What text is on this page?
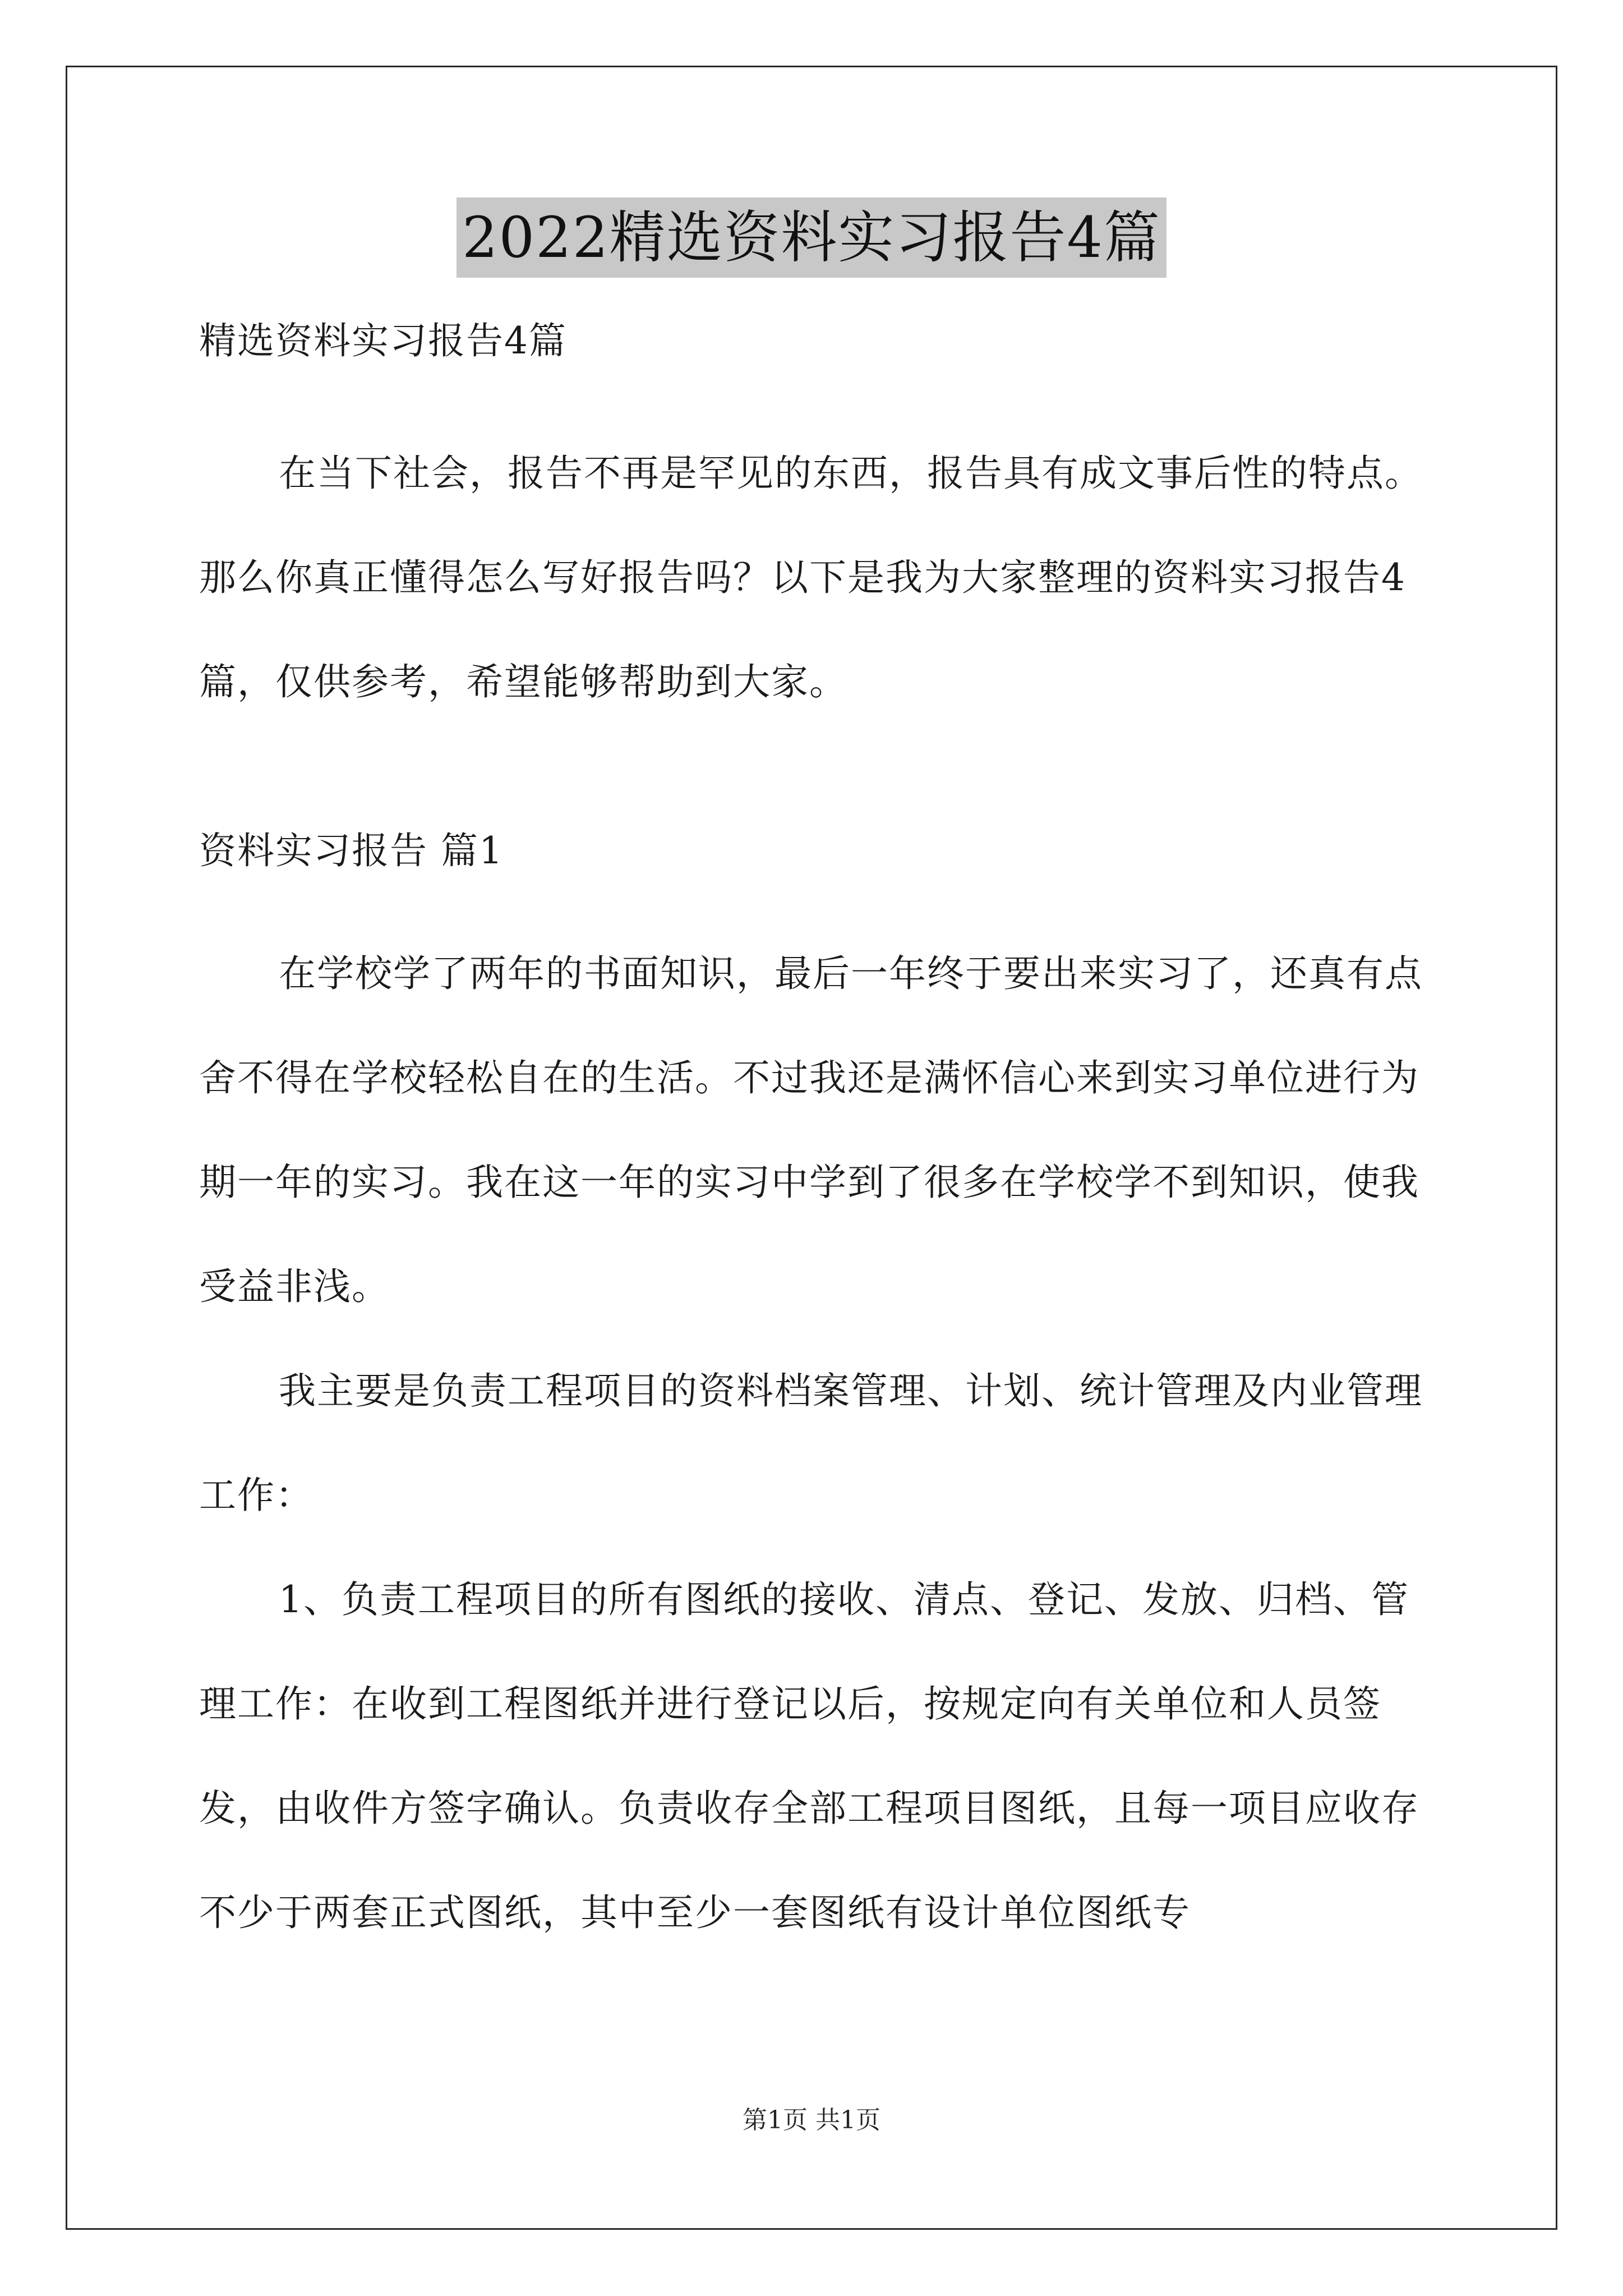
2022精选资料实习报告4篇
精选资料实习报告4篇

在当下社会，报告不再是罕见的东西，报告具有成文事后性的特点。那么你真正懂得怎么写好报告吗？以下是我为大家整理的资料实习报告4篇，仅供参考，希望能够帮助到大家。

资料实习报告 篇1

在学校学了两年的书面知识，最后一年终于要出来实习了，还真有点舍不得在学校轻松自在的生活。不过我还是满怀信心来到实习单位进行为期一年的实习。我在这一年的实习中学到了很多在学校学不到知识，使我受益非浅。

我主要是负责工程项目的资料档案管理、计划、统计管理及内业管理工作：

1、负责工程项目的所有图纸的接收、清点、登记、发放、归档、管理工作：在收到工程图纸并进行登记以后，按规定向有关单位和人员签发，由收件方签字确认。负责收存全部工程项目图纸，且每一项目应收存不少于两套正式图纸，其中至少一套图纸有设计单位图纸专

第1页 共1页
